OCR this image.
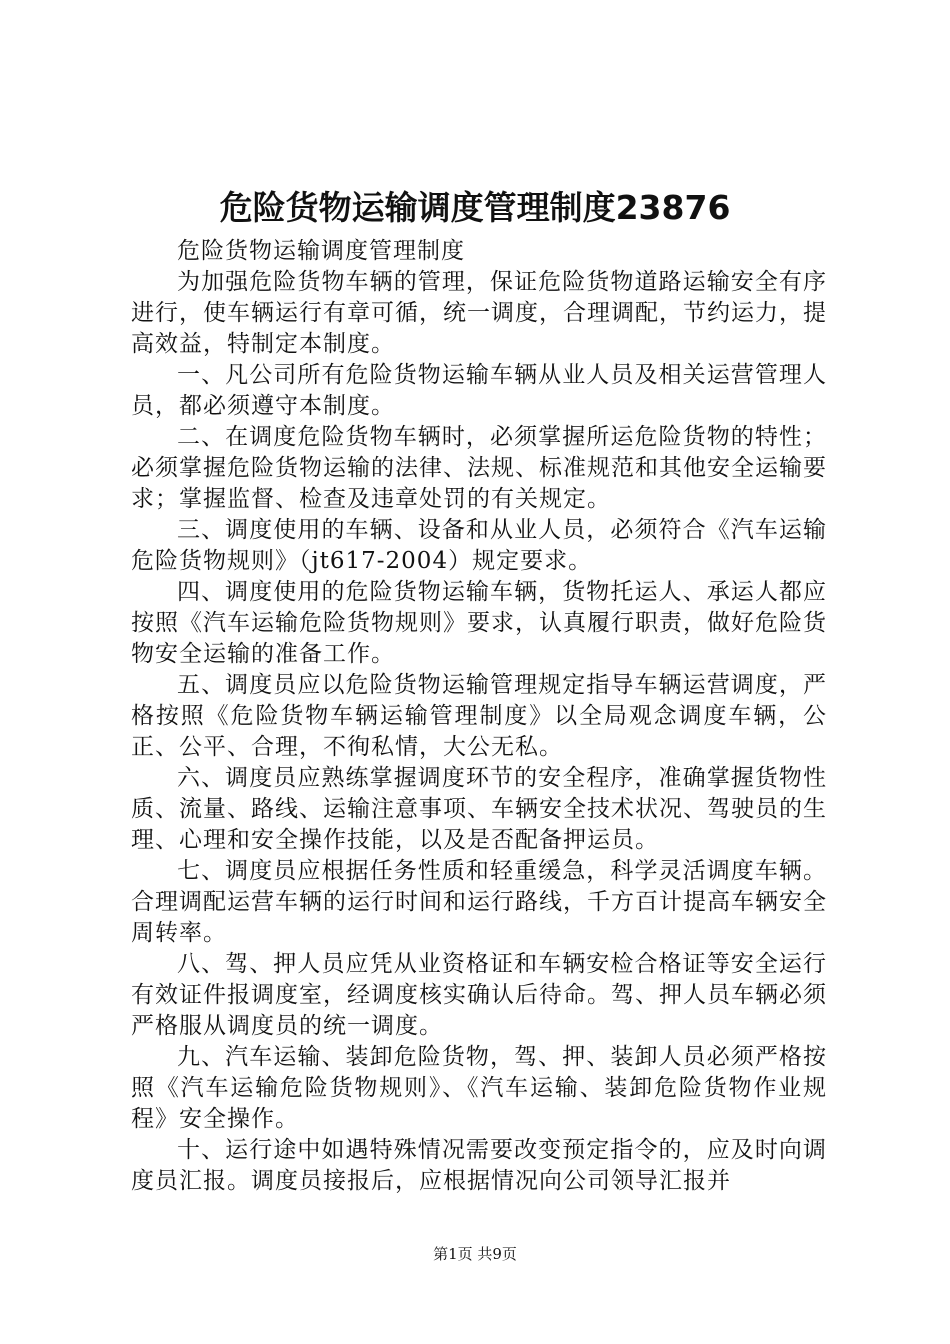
危险货物运输调度管理制度23876

危险货物运输调度管理制度

为加强危险货物车辆的管理，保证危险货物道路运输安全有序进行，使车辆运行有章可循，统一调度，合理调配，节约运力，提高效益，特制定本制度。

一、凡公司所有危险货物运输车辆从业人员及相关运营管理人员，都必须遵守本制度。

二、在调度危险货物车辆时，必须掌握所运危险货物的特性；必须掌握危险货物运输的法律、法规、标准规范和其他安全运输要求；掌握监督、检查及违章处罚的有关规定。

三、调度使用的车辆、设备和从业人员，必须符合《汽车运输危险货物规则》（jt617-2004）规定要求。

四、调度使用的危险货物运输车辆，货物托运人、承运人都应按照《汽车运输危险货物规则》要求，认真履行职责，做好危险货物安全运输的准备工作。

五、调度员应以危险货物运输管理规定指导车辆运营调度，严格按照《危险货物车辆运输管理制度》以全局观念调度车辆，公正、公平、合理，不徇私情，大公无私。

六、调度员应熟练掌握调度环节的安全程序，准确掌握货物性质、流量、路线、运输注意事项、车辆安全技术状况、驾驶员的生理、心理和安全操作技能，以及是否配备押运员。

七、调度员应根据任务性质和轻重缓急，科学灵活调度车辆。合理调配运营车辆的运行时间和运行路线，千方百计提高车辆安全周转率。

八、驾、押人员应凭从业资格证和车辆安检合格证等安全运行有效证件报调度室，经调度核实确认后待命。驾、押人员车辆必须严格服从调度员的统一调度。

九、汽车运输、装卸危险货物，驾、押、装卸人员必须严格按照《汽车运输危险货物规则》、《汽车运输、装卸危险货物作业规程》安全操作。

十、运行途中如遇特殊情况需要改变预定指令的，应及时向调度员汇报。调度员接报后，应根据情况向公司领导汇报并

第1页 共9页
